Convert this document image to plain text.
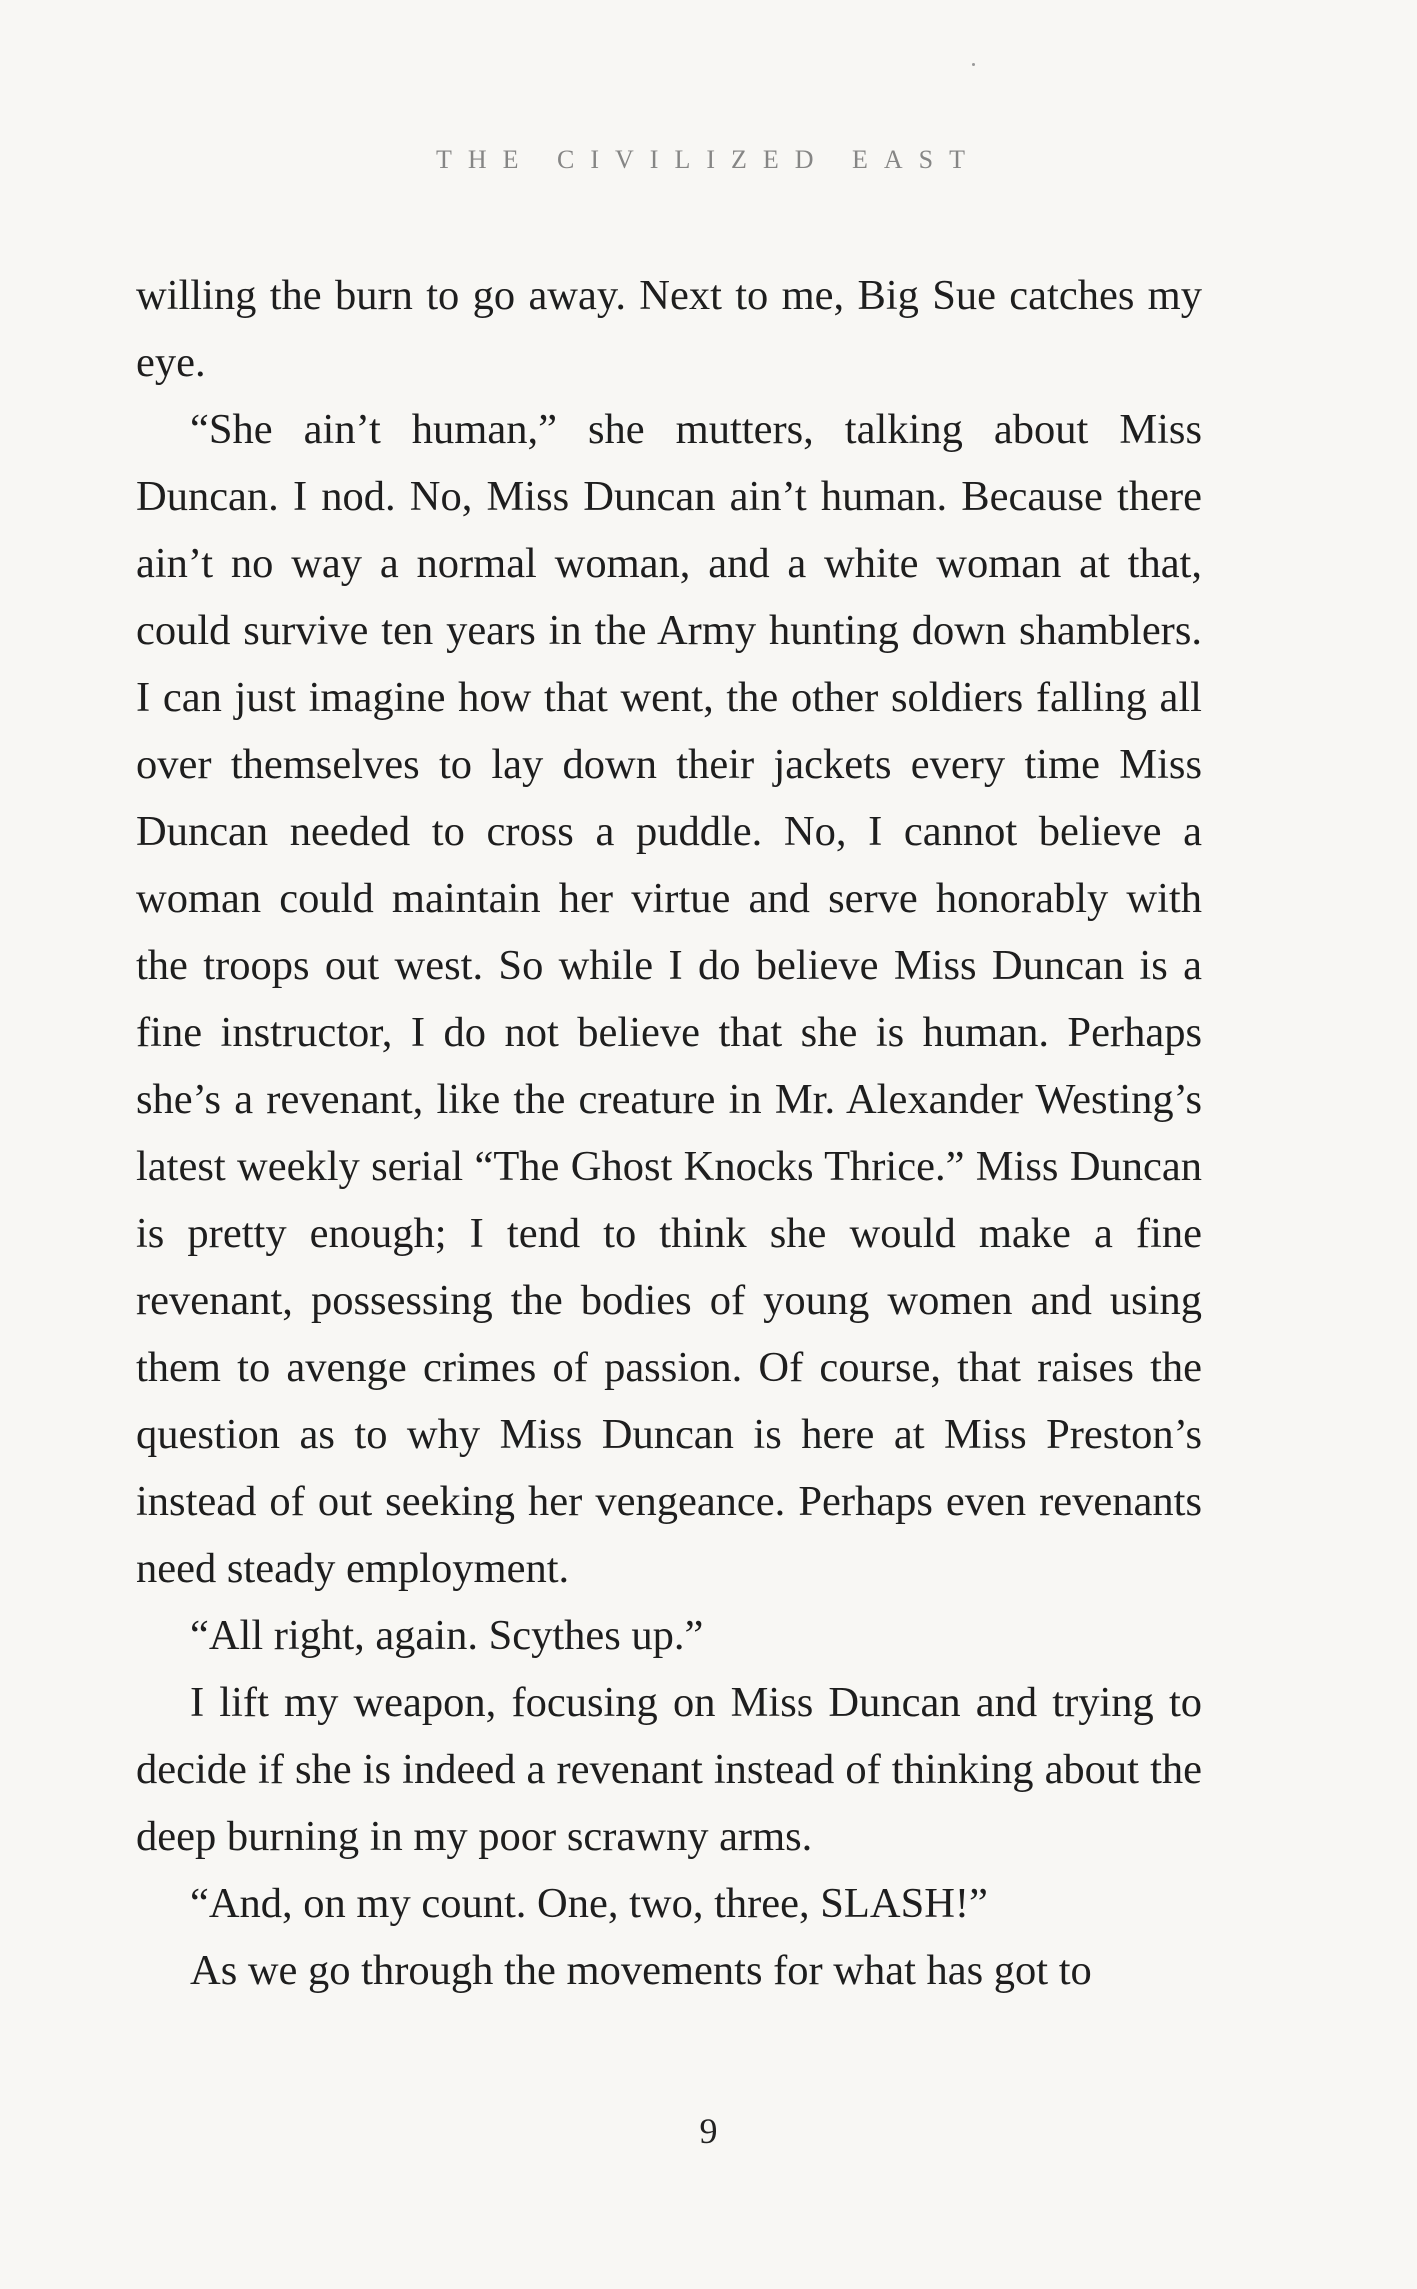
THE CIVILIZED EAST

willing the burn to go away. Next to me, Big Sue catches my eye.

“She ain’t human,” she mutters, talking about Miss Duncan. I nod. No, Miss Duncan ain’t human. Because there ain’t no way a normal woman, and a white woman at that, could survive ten years in the Army hunting down shamblers. I can just imagine how that went, the other soldiers falling all over themselves to lay down their jackets every time Miss Duncan needed to cross a puddle. No, I cannot believe a woman could maintain her virtue and serve honorably with the troops out west. So while I do believe Miss Duncan is a fine instructor, I do not believe that she is human. Perhaps she’s a revenant, like the creature in Mr. Alexander Westing’s latest weekly serial “The Ghost Knocks Thrice.” Miss Duncan is pretty enough; I tend to think she would make a fine revenant, possessing the bodies of young women and using them to avenge crimes of passion. Of course, that raises the question as to why Miss Duncan is here at Miss Preston’s instead of out seeking her vengeance. Perhaps even revenants need steady employment.

“All right, again. Scythes up.”

I lift my weapon, focusing on Miss Duncan and trying to decide if she is indeed a revenant instead of thinking about the deep burning in my poor scrawny arms.

“And, on my count. One, two, three, SLASH!”

As we go through the movements for what has got to

9
